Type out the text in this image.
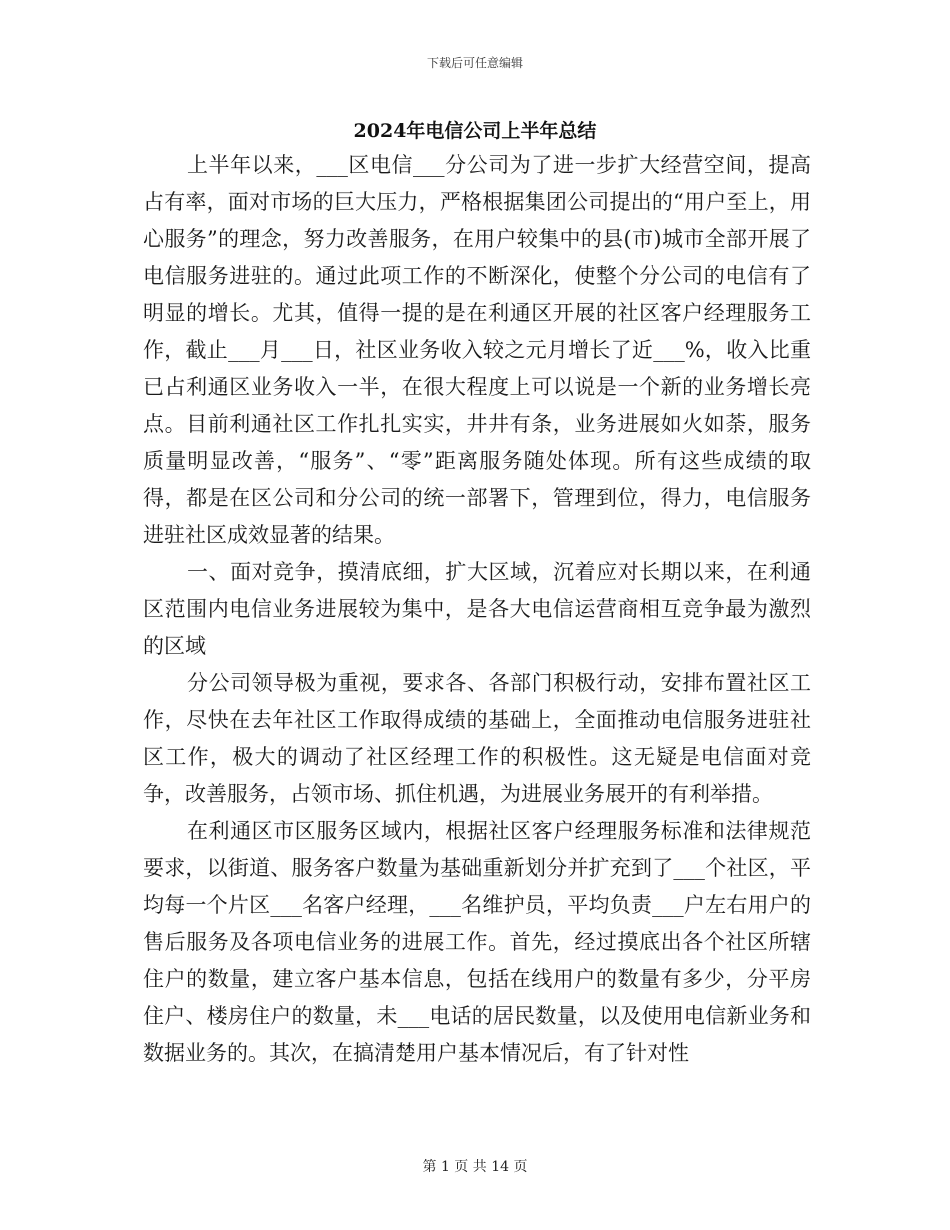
下载后可任意编辑
2024年电信公司上半年总结

上半年以来，___区电信___分公司为了进一步扩大经营空间，提高占有率，面对市场的巨大压力，严格根据集团公司提出的“用户至上，用心服务”的理念，努力改善服务，在用户较集中的县(市)城市全部开展了电信服务进驻的。通过此项工作的不断深化，使整个分公司的电信有了明显的增长。尤其，值得一提的是在利通区开展的社区客户经理服务工作，截止___月___日，社区业务收入较之元月增长了近___%，收入比重已占利通区业务收入一半，在很大程度上可以说是一个新的业务增长亮点。目前利通社区工作扎扎实实，井井有条，业务进展如火如荼，服务质量明显改善，“服务”、“零”距离服务随处体现。所有这些成绩的取得，都是在区公司和分公司的统一部署下，管理到位，得力，电信服务进驻社区成效显著的结果。

一、面对竞争，摸清底细，扩大区域，沉着应对长期以来，在利通区范围内电信业务进展较为集中，是各大电信运营商相互竞争最为激烈的区域

分公司领导极为重视，要求各、各部门积极行动，安排布置社区工作，尽快在去年社区工作取得成绩的基础上，全面推动电信服务进驻社区工作，极大的调动了社区经理工作的积极性。这无疑是电信面对竞争，改善服务，占领市场、抓住机遇，为进展业务展开的有利举措。

在利通区市区服务区域内，根据社区客户经理服务标准和法律规范要求，以街道、服务客户数量为基础重新划分并扩充到了___个社区，平均每一个片区___名客户经理，___名维护员，平均负责___户左右用户的售后服务及各项电信业务的进展工作。首先，经过摸底出各个社区所辖住户的数量，建立客户基本信息，包括在线用户的数量有多少，分平房住户、楼房住户的数量，未___电话的居民数量，以及使用电信新业务和数据业务的。其次，在搞清楚用户基本情况后，有了针对性

第 1 页 共 14 页
